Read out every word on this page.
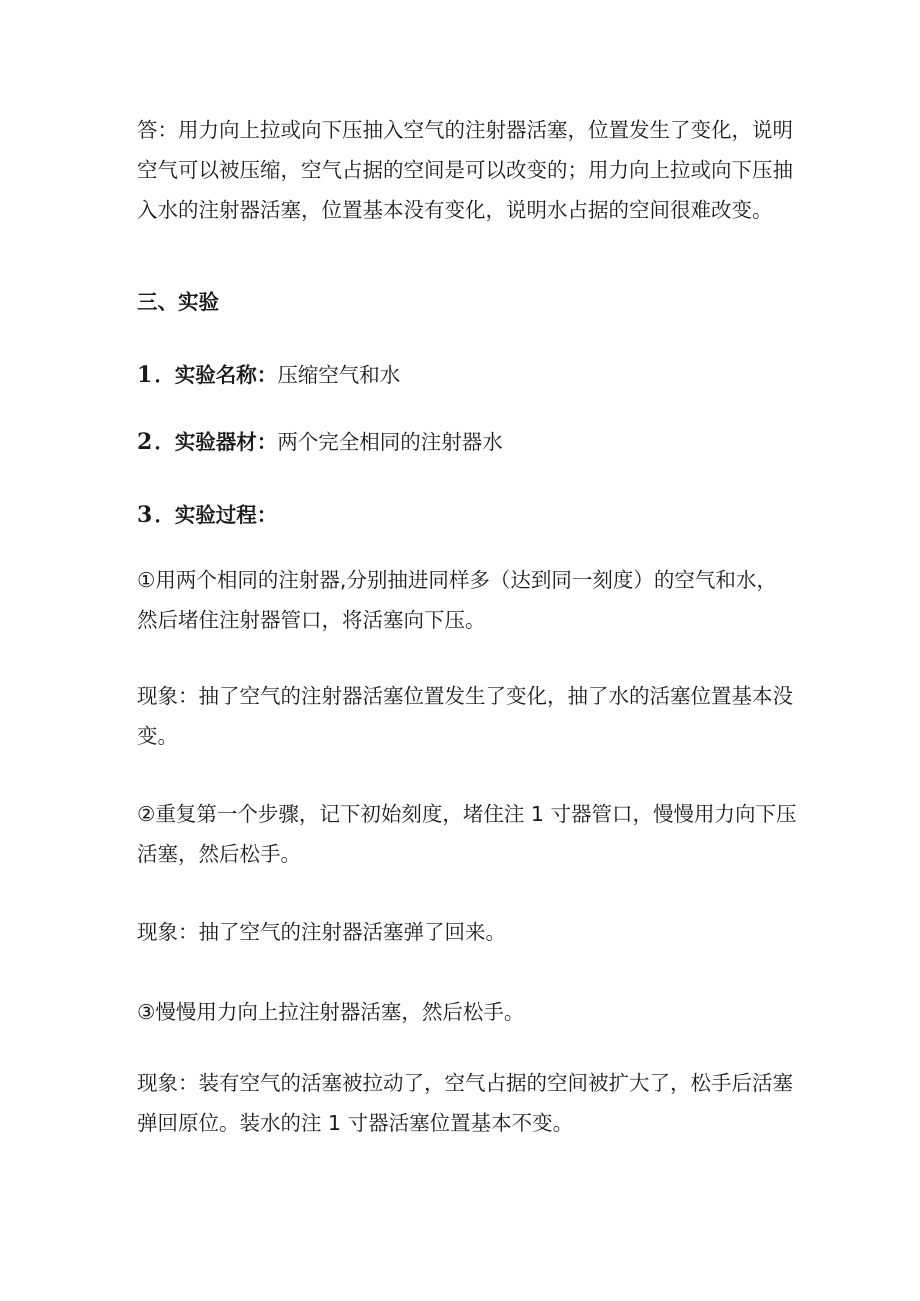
答：用力向上拉或向下压抽入空气的注射器活塞，位置发生了变化，说明
空气可以被压缩，空气占据的空间是可以改变的；用力向上拉或向下压抽
入水的注射器活塞，位置基本没有变化，说明水占据的空间很难改变。
三、实验
1．实验名称：压缩空气和水
2．实验器材：两个完全相同的注射器水
3．实验过程：
①用两个相同的注射器,分别抽进同样多（达到同一刻度）的空气和水，
然后堵住注射器管口，将活塞向下压。
现象：抽了空气的注射器活塞位置发生了变化，抽了水的活塞位置基本没
变。
②重复第一个步骤，记下初始刻度，堵住注 1 寸器管口，慢慢用力向下压
活塞，然后松手。
现象：抽了空气的注射器活塞弹了回来。
③慢慢用力向上拉注射器活塞，然后松手。
现象：装有空气的活塞被拉动了，空气占据的空间被扩大了，松手后活塞
弹回原位。装水的注 1 寸器活塞位置基本不变。
